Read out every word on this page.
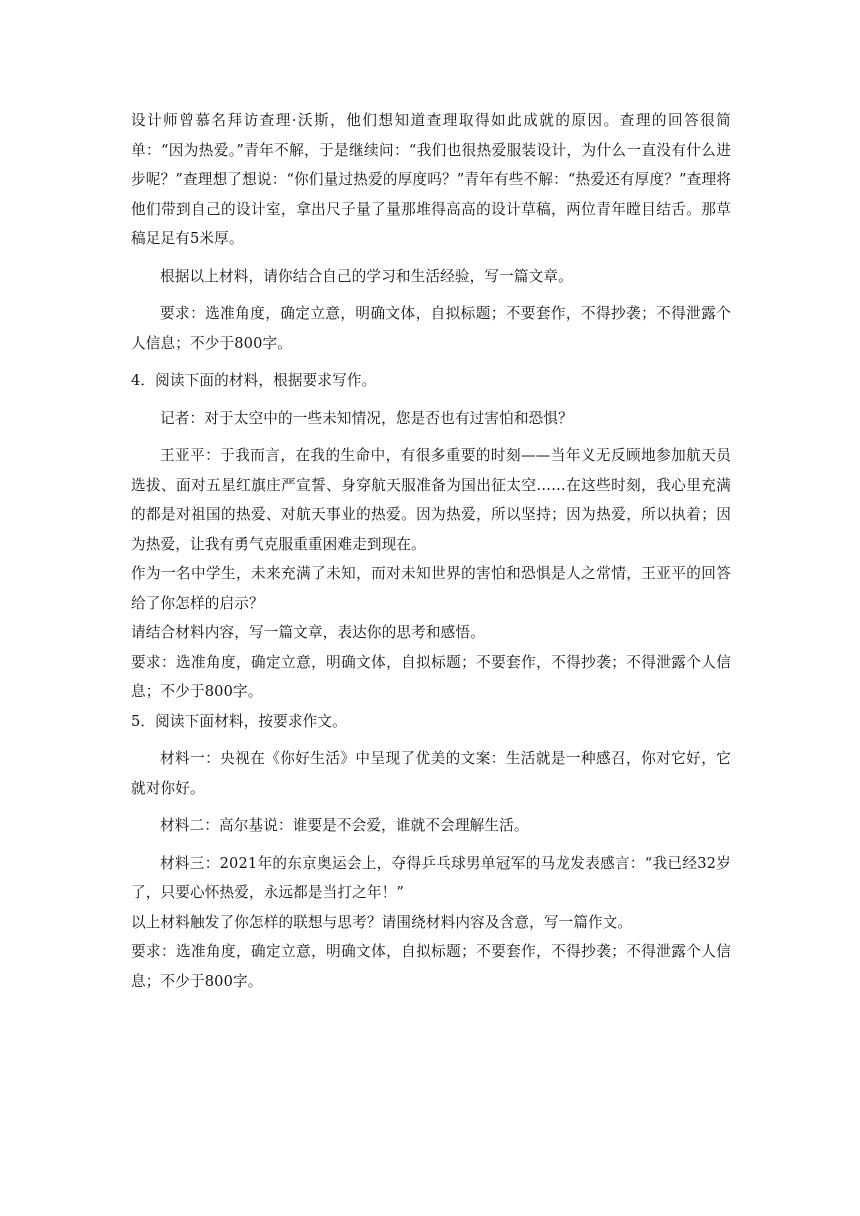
设计师曾慕名拜访查理·沃斯，他们想知道查理取得如此成就的原因。查理的回答很简单：“因为热爱。”青年不解，于是继续问：“我们也很热爱服装设计，为什么一直没有什么进步呢？”查理想了想说：“你们量过热爱的厚度吗？”青年有些不解：“热爱还有厚度？”查理将他们带到自己的设计室，拿出尺子量了量那堆得高高的设计草稿，两位青年瞠目结舌。那草稿足足有5米厚。

根据以上材料，请你结合自己的学习和生活经验，写一篇文章。

要求：选准角度，确定立意，明确文体，自拟标题；不要套作，不得抄袭；不得泄露个人信息；不少于800字。

4．阅读下面的材料，根据要求写作。

记者：对于太空中的一些未知情况，您是否也有过害怕和恐惧？

王亚平：于我而言，在我的生命中，有很多重要的时刻——当年义无反顾地参加航天员选拔、面对五星红旗庄严宣誓、身穿航天服准备为国出征太空……在这些时刻，我心里充满的都是对祖国的热爱、对航天事业的热爱。因为热爱，所以坚持；因为热爱，所以执着；因为热爱，让我有勇气克服重重困难走到现在。

作为一名中学生，未来充满了未知，而对未知世界的害怕和恐惧是人之常情，王亚平的回答给了你怎样的启示？

请结合材料内容，写一篇文章，表达你的思考和感悟。

要求：选准角度，确定立意，明确文体，自拟标题；不要套作，不得抄袭；不得泄露个人信息；不少于800字。

5．阅读下面材料，按要求作文。

材料一：央视在《你好生活》中呈现了优美的文案：生活就是一种感召，你对它好，它就对你好。

材料二：高尔基说：谁要是不会爱，谁就不会理解生活。

材料三：2021年的东京奥运会上，夺得乒乓球男单冠军的马龙发表感言：“我已经32岁了，只要心怀热爱，永远都是当打之年！”

以上材料触发了你怎样的联想与思考？请围绕材料内容及含意，写一篇作文。

要求：选准角度，确定立意，明确文体，自拟标题；不要套作，不得抄袭；不得泄露个人信息；不少于800字。
